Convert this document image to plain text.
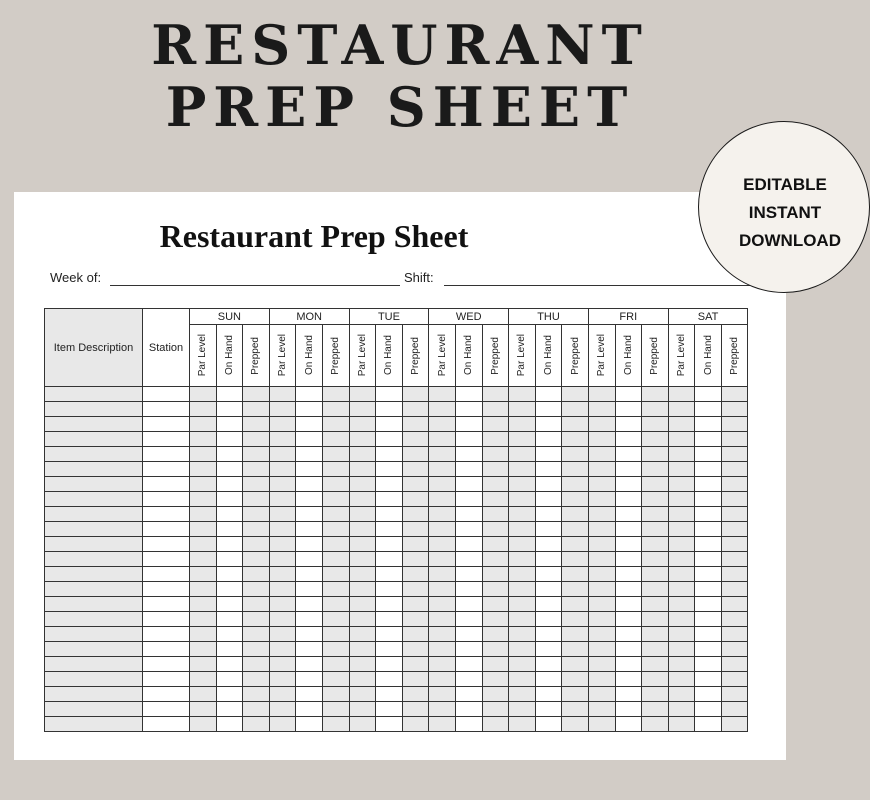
RESTAURANT
PREP SHEET
Restaurant Prep Sheet
Week of:	Shift:
Item Description	Station	SUN			MON			TUE			WED			THU			FRI			SAT		

		Par Level	On Hand	Prepped	Par Level	On Hand	Prepped	Par Level	On Hand	Prepped	Par Level	On Hand	Prepped	Par Level	On Hand	Prepped	Par Level	On Hand	Prepped	Par Level	On Hand	Prepped

EDITABLE
INSTANT
DOWNLOAD
